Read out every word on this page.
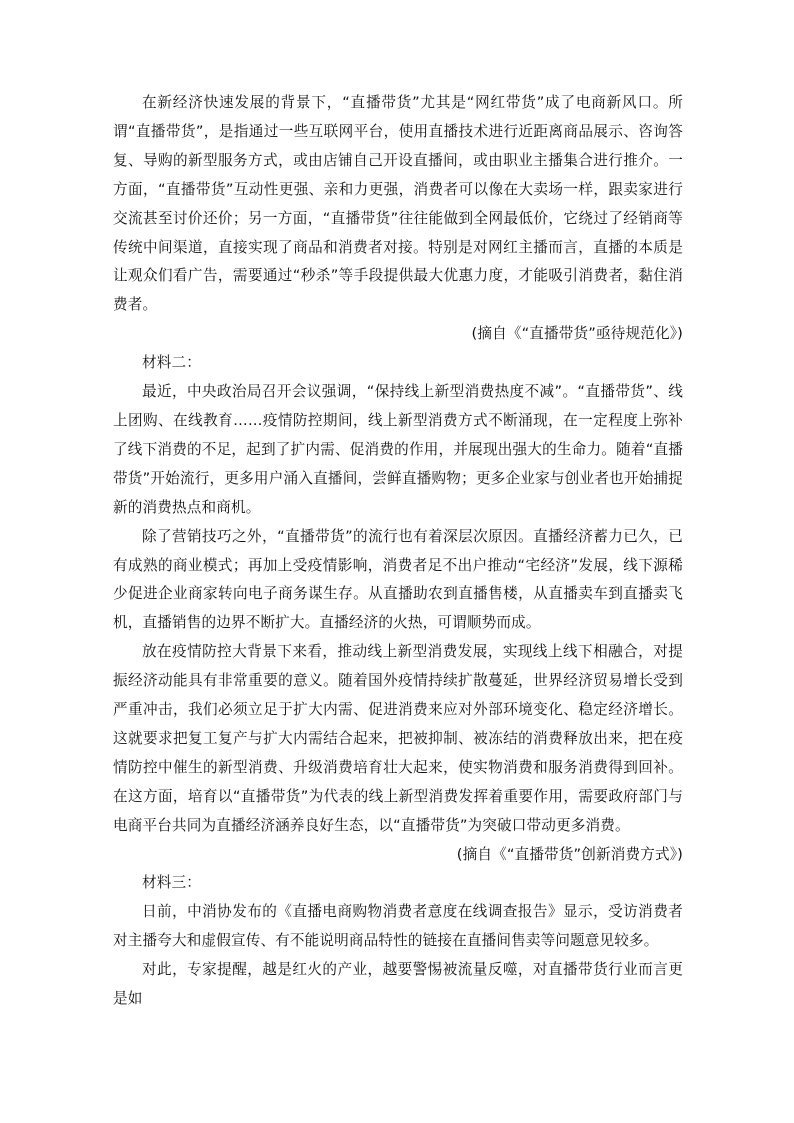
在新经济快速发展的背景下，“直播带货”尤其是“网红带货”成了电商新风口。所谓“直播带货”，是指通过一些互联网平台，使用直播技术进行近距离商品展示、咨询答复、导购的新型服务方式，或由店铺自己开设直播间，或由职业主播集合进行推介。一方面，“直播带货”互动性更强、亲和力更强，消费者可以像在大卖场一样，跟卖家进行交流甚至讨价还价；另一方面，“直播带货”往往能做到全网最低价，它绕过了经销商等传统中间渠道，直接实现了商品和消费者对接。特别是对网红主播而言，直播的本质是让观众们看广告，需要通过“秒杀”等手段提供最大优惠力度，才能吸引消费者，黏住消费者。

(摘自《“直播带货”亟待规范化》)

材料二：

最近，中央政治局召开会议强调，“保持线上新型消费热度不减”。“直播带货”、线上团购、在线教育……疫情防控期间，线上新型消费方式不断涌现，在一定程度上弥补了线下消费的不足，起到了扩内需、促消费的作用，并展现出强大的生命力。随着“直播带货”开始流行，更多用户涌入直播间，尝鲜直播购物；更多企业家与创业者也开始捕捉新的消费热点和商机。

除了营销技巧之外，“直播带货”的流行也有着深层次原因。直播经济蓄力已久，已有成熟的商业模式；再加上受疫情影响，消费者足不出户推动“宅经济”发展，线下源稀少促进企业商家转向电子商务谋生存。从直播助农到直播售楼，从直播卖车到直播卖飞机，直播销售的边界不断扩大。直播经济的火热，可谓顺势而成。

放在疫情防控大背景下来看，推动线上新型消费发展，实现线上线下相融合，对提振经济动能具有非常重要的意义。随着国外疫情持续扩散蔓延，世界经济贸易增长受到严重冲击，我们必须立足于扩大内需、促进消费来应对外部环境变化、稳定经济增长。这就要求把复工复产与扩大内需结合起来，把被抑制、被冻结的消费释放出来，把在疫情防控中催生的新型消费、升级消费培育壮大起来，使实物消费和服务消费得到回补。在这方面，培育以“直播带货”为代表的线上新型消费发挥着重要作用，需要政府部门与电商平台共同为直播经济涵养良好生态，以“直播带货”为突破口带动更多消费。

(摘自《“直播带货”创新消费方式》)

材料三：

日前，中消协发布的《直播电商购物消费者意度在线调查报告》显示，受访消费者对主播夸大和虚假宣传、有不能说明商品特性的链接在直播间售卖等问题意见较多。

对此，专家提醒，越是红火的产业，越要警惕被流量反噬，对直播带货行业而言更是如
